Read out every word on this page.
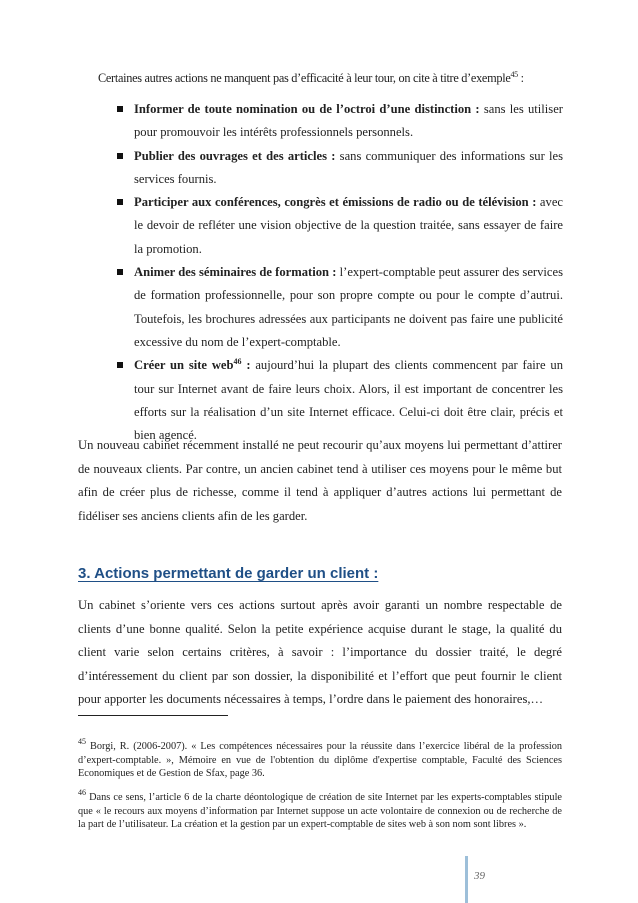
Certaines autres actions ne manquent pas d’efficacité à leur tour, on cite à titre d’exemple$^{45}$ :
Informer de toute nomination ou de l’octroi d’une distinction : sans les utiliser pour promouvoir les intérêts professionnels personnels.
Publier des ouvrages et des articles : sans communiquer des informations sur les services fournis.
Participer aux conférences, congrès et émissions de radio ou de télévision : avec le devoir de refléter une vision objective de la question traitée, sans essayer de faire la promotion.
Animer des séminaires de formation : l’expert-comptable peut assurer des services de formation professionnelle, pour son propre compte ou pour le compte d’autrui. Toutefois, les brochures adressées aux participants ne doivent pas faire une publicité excessive du nom de l’expert-comptable.
Créer un site web$^{46}$ : aujourd’hui la plupart des clients commencent par faire un tour sur Internet avant de faire leurs choix. Alors, il est important de concentrer les efforts sur la réalisation d’un site Internet efficace. Celui-ci doit être clair, précis et bien agencé.

Un nouveau cabinet récemment installé ne peut recourir qu’aux moyens lui permettant d’attirer de nouveaux clients. Par contre, un ancien cabinet tend à utiliser ces moyens pour le même but afin de créer plus de richesse, comme il tend à appliquer d’autres actions lui permettant de fidéliser ses anciens clients afin de les garder.

3. Actions permettant de garder un client :

Un cabinet s’oriente vers ces actions surtout après avoir garanti un nombre respectable de clients d’une bonne qualité. Selon la petite expérience acquise durant le stage, la qualité du client varie selon certains critères, à savoir : l’importance du dossier traité, le degré d’intéressement du client par son dossier, la disponibilité et l’effort que peut fournir le client pour apporter les documents nécessaires à temps, l’ordre dans le paiement des honoraires,…

$^{45}$ Borgi, R. (2006-2007). « Les compétences nécessaires pour la réussite dans l’exercice libéral de la profession d’expert-comptable. », Mémoire en vue de l'obtention du diplôme d'expertise comptable, Faculté des Sciences Economiques et de Gestion de Sfax, page 36.

$^{46}$ Dans ce sens, l’article 6 de la charte déontologique de création de site Internet par les experts-comptables stipule que « le recours aux moyens d’information par Internet suppose un acte volontaire de connexion ou de recherche de la part de l’utilisateur. La création et la gestion par un expert-comptable de sites web à son nom sont libres ».

39
